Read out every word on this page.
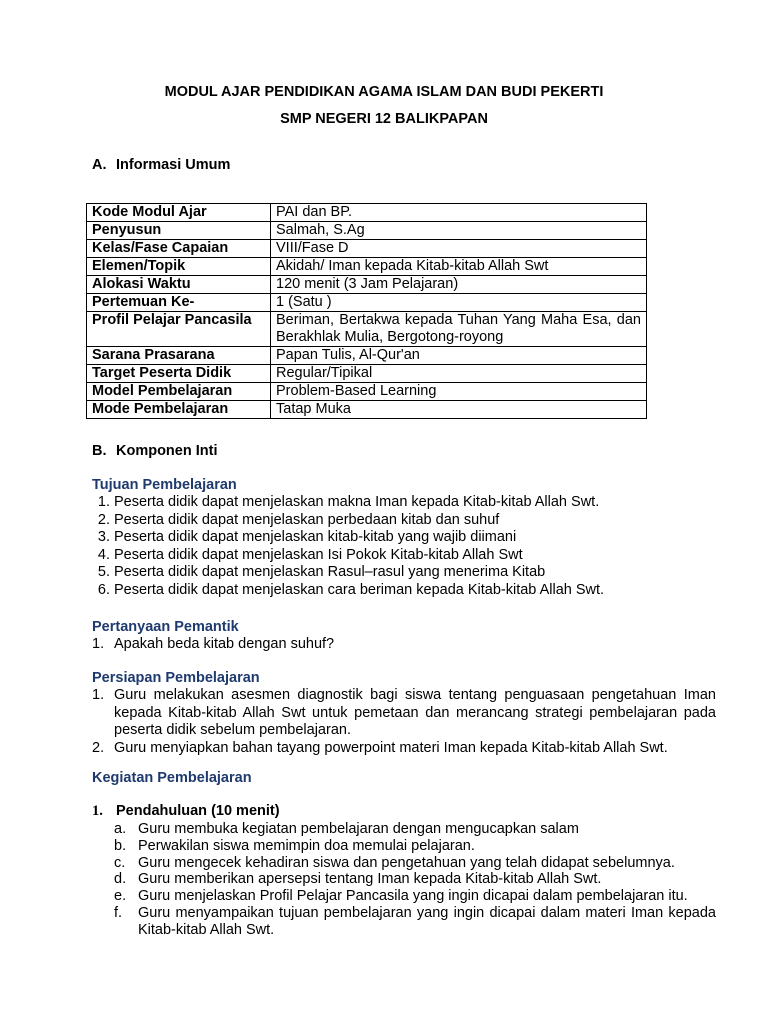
MODUL AJAR PENDIDIKAN AGAMA ISLAM DAN BUDI PEKERTI
SMP NEGERI 12 BALIKPAPAN
A. Informasi Umum
Kode Modul Ajar	PAI dan BP.
Penyusun	Salmah, S.Ag
Kelas/Fase Capaian	VIII/Fase D
Elemen/Topik	Akidah/ Iman kepada Kitab-kitab Allah Swt
Alokasi Waktu	120 menit (3 Jam Pelajaran)
Pertemuan Ke-	1 (Satu )
Profil Pelajar Pancasila	Beriman, Bertakwa kepada Tuhan Yang Maha Esa, dan Berakhlak Mulia, Bergotong-royong
Sarana Prasarana	Papan Tulis, Al-Qur'an
Target Peserta Didik	Regular/Tipikal
Model Pembelajaran	Problem-Based Learning
Mode Pembelajaran	Tatap Muka
B. Komponen Inti
Tujuan Pembelajaran
1. Peserta didik dapat menjelaskan makna Iman kepada Kitab-kitab Allah Swt.
2. Peserta didik dapat menjelaskan perbedaan kitab dan suhuf
3. Peserta didik dapat menjelaskan kitab-kitab yang wajib diimani
4. Peserta didik dapat menjelaskan Isi Pokok Kitab-kitab Allah Swt
5. Peserta didik dapat menjelaskan Rasul–rasul yang menerima Kitab
6. Peserta didik dapat menjelaskan cara beriman kepada Kitab-kitab Allah Swt.
Pertanyaan Pemantik
1. Apakah beda kitab dengan suhuf?
Persiapan Pembelajaran
1. Guru melakukan asesmen diagnostik bagi siswa tentang penguasaan pengetahuan Iman kepada Kitab-kitab Allah Swt untuk pemetaan dan merancang strategi pembelajaran pada peserta didik sebelum pembelajaran.
2. Guru menyiapkan bahan tayang powerpoint materi Iman kepada Kitab-kitab Allah Swt.
Kegiatan Pembelajaran
1. Pendahuluan (10 menit)
a. Guru membuka kegiatan pembelajaran dengan mengucapkan salam
b. Perwakilan siswa memimpin doa memulai pelajaran.
c. Guru mengecek kehadiran siswa dan pengetahuan yang telah didapat sebelumnya.
d. Guru memberikan apersepsi tentang Iman kepada Kitab-kitab Allah Swt.
e. Guru menjelaskan Profil Pelajar Pancasila yang ingin dicapai dalam pembelajaran itu.
f.	Guru menyampaikan tujuan pembelajaran yang ingin dicapai dalam materi Iman kepada Kitab-kitab Allah Swt.
